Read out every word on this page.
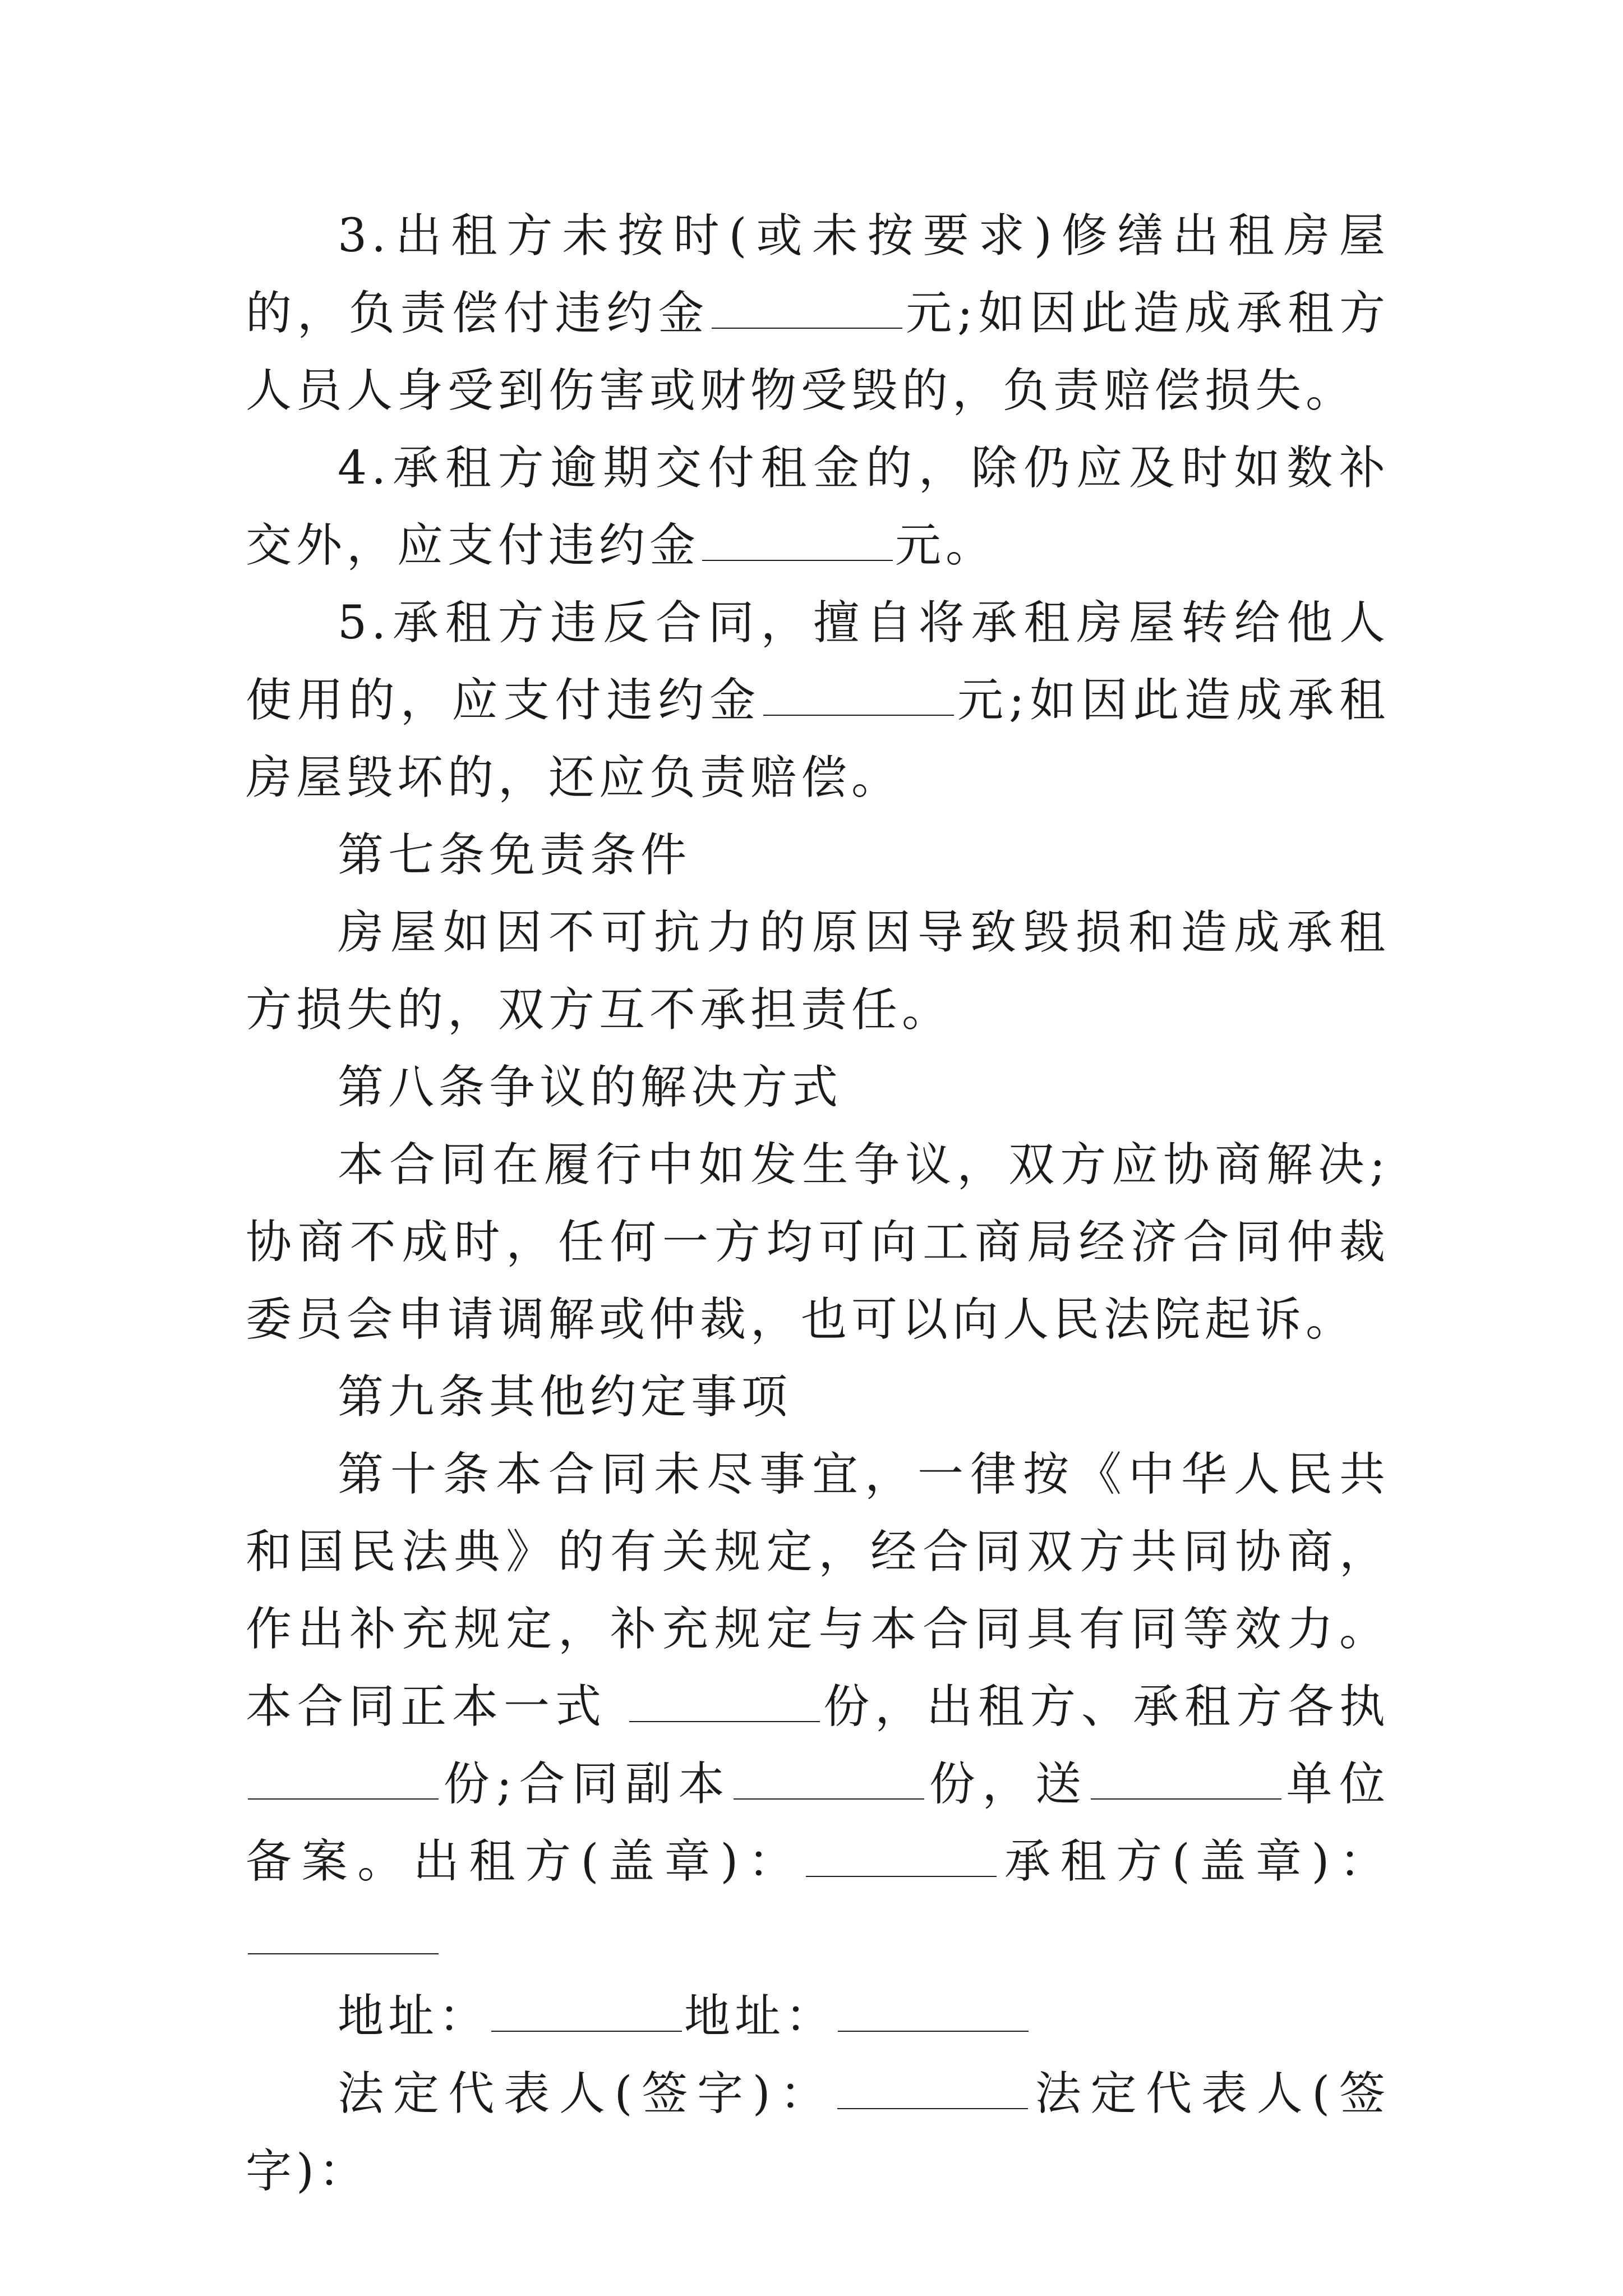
3.出租方未按时(或未按要求)修缮出租房屋的，负责偿付违约金	元;如因此造成承租方人员人身受到伤害或财物受毁的，负责赔偿损失。

4.承租方逾期交付租金的，除仍应及时如数补交外，应支付违约金	元。

5.承租方违反合同，擅自将承租房屋转给他人使用的，应支付违约金	元;如因此造成承租房屋毁坏的，还应负责赔偿。

第七条免责条件

房屋如因不可抗力的原因导致毁损和造成承租方损失的，双方互不承担责任。

第八条争议的解决方式

本合同在履行中如发生争议，双方应协商解决;协商不成时，任何一方均可向工商局经济合同仲裁委员会申请调解或仲裁，也可以向人民法院起诉。

第九条其他约定事项

第十条本合同未尽事宜，一律按《中华人民共和国民法典》的有关规定，经合同双方共同协商，作出补充规定，补充规定与本合同具有同等效力。本合同正本一式	份，出租方、承租方各执份;合同副本	份，送	单位备案。出租方(盖章)：	承租方(盖章)：

地址：	地址：

法定代表人(签字)：	法定代表人(签字)：
